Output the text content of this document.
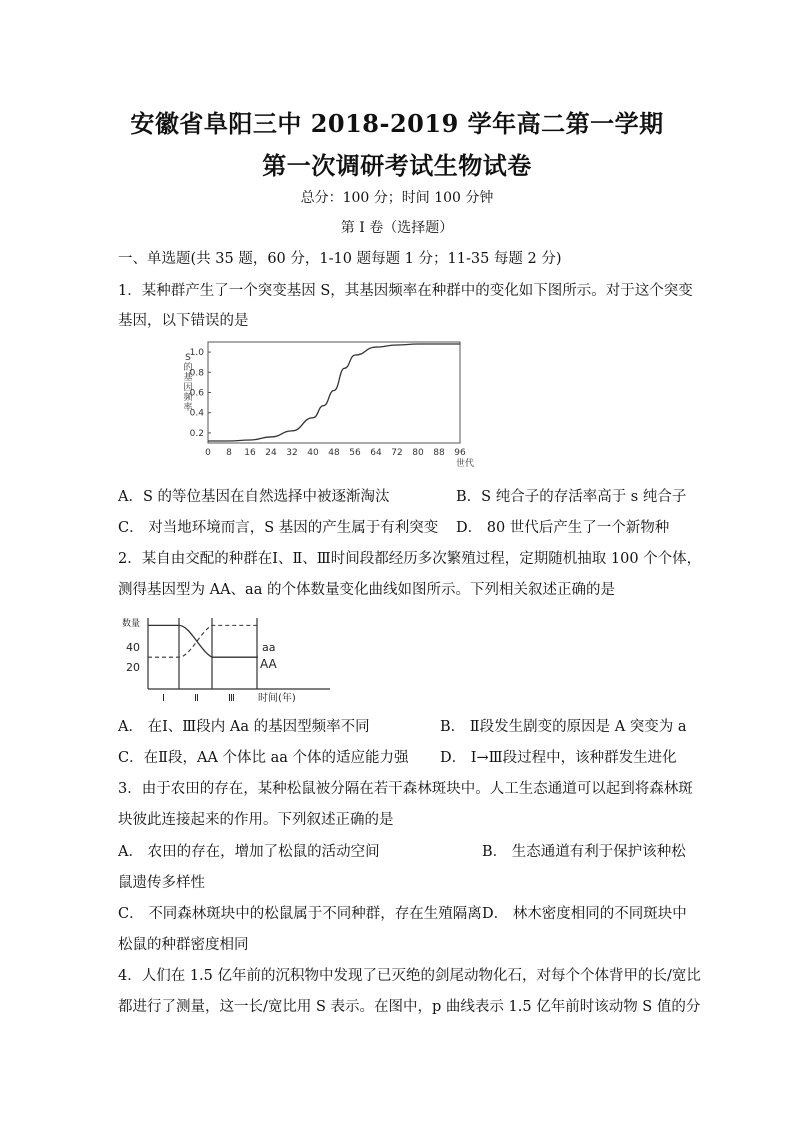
安徽省阜阳三中 2018-2019 学年高二第一学期
第一次调研考试生物试卷
总分：100 分；时间 100 分钟
第 I 卷（选择题）
一、单选题(共 35 题，60 分，1-10 题每题 1 分；11-35 每题 2 分)
1．某种群产生了一个突变基因 S，其基因频率在种群中的变化如下图所示。对于这个突变
基因，以下错误的是
0.2
0.4
0.6
0.8
1.0
0 8 16 24 32 40 48 56 64 72 80 88 96
S 的基因频率
世代
A．S 的等位基因在自然选择中被逐渐淘汰	B．S 纯合子的存活率高于 s 纯合子
C． 对当地环境而言，S 基因的产生属于有利突变 D． 80 世代后产生了一个新物种
2．某自由交配的种群在Ⅰ、Ⅱ、Ⅲ时间段都经历多次繁殖过程，定期随机抽取 100 个个体，
测得基因型为 AA、aa 的个体数量变化曲线如图所示。下列相关叙述正确的是
数量
40
20
aa
AA
Ⅰ	Ⅱ	Ⅲ 时间(年)
A． 在Ⅰ、Ⅲ段内 Aa 的基因型频率不同	B． Ⅱ段发生剧变的原因是 A 突变为 a
C．在Ⅱ段，AA 个体比 aa 个体的适应能力强 D． Ⅰ→Ⅲ段过程中，该种群发生进化
3．由于农田的存在，某种松鼠被分隔在若干森林斑块中。人工生态通道可以起到将森林斑
块彼此连接起来的作用。下列叙述正确的是
A． 农田的存在，增加了松鼠的活动空间	B． 生态通道有利于保护该种松
鼠遗传多样性
C． 不同森林斑块中的松鼠属于不同种群，存在生殖隔离 D． 林木密度相同的不同斑块中
松鼠的种群密度相同
4．人们在 1.5 亿年前的沉积物中发现了已灭绝的剑尾动物化石，对每个个体背甲的长/宽比
都进行了测量，这一长/宽比用 S 表示。在图中，p 曲线表示 1.5 亿年前时该动物 S 值的分
